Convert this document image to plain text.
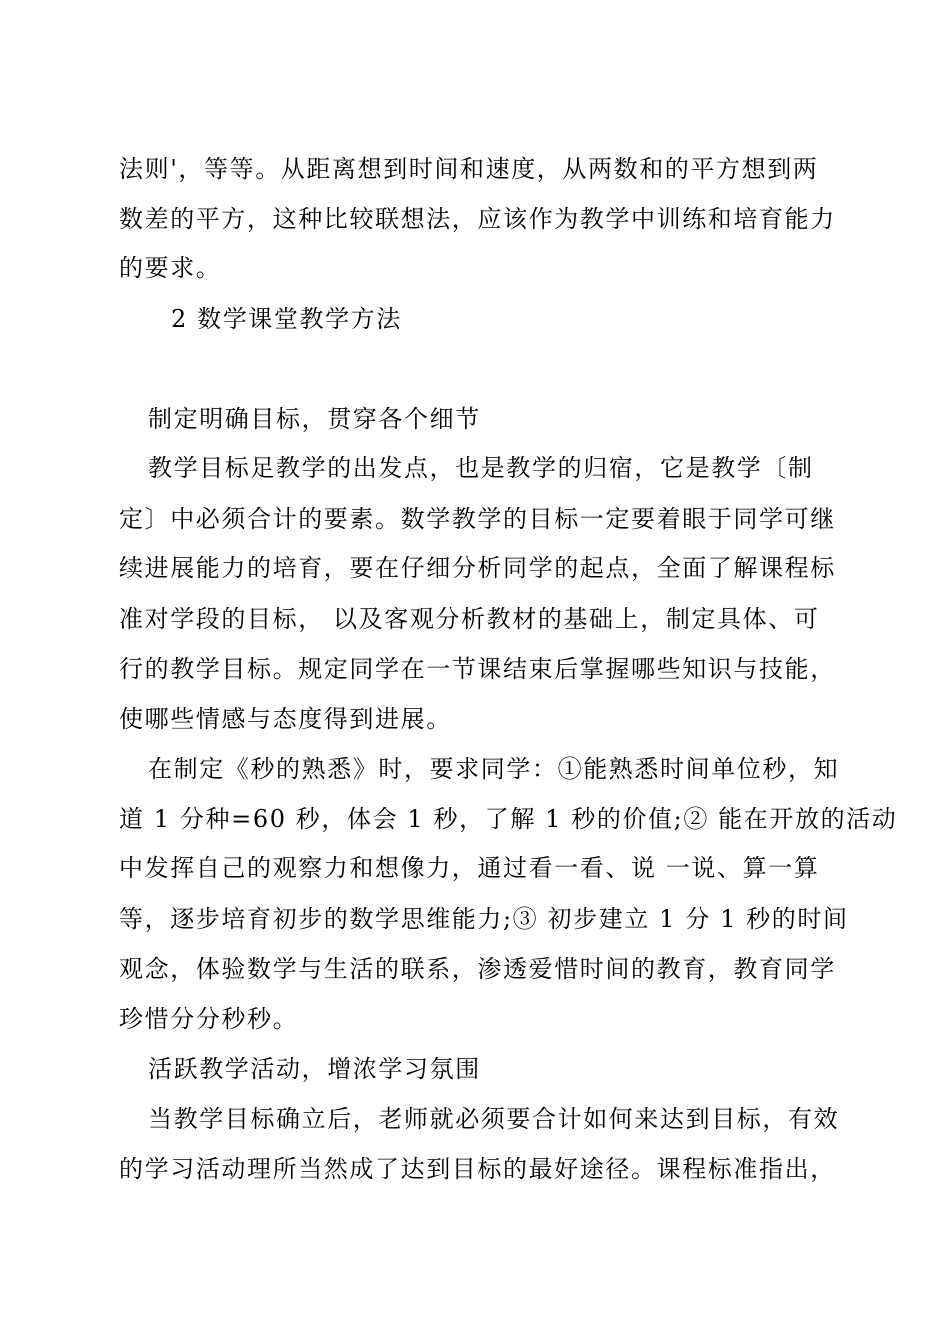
法则'，等等。从距离想到时间和速度，从两数和的平方想到两
数差的平方，这种比较联想法，应该作为教学中训练和培育能力
的要求。
2 数学课堂教学方法
制定明确目标，贯穿各个细节
教学目标足教学的出发点，也是教学的归宿，它是教学〔制
定〕中必须合计的要素。数学教学的目标一定要着眼于同学可继
续进展能力的培育，要在仔细分析同学的起点，全面了解课程标
准对学段的目标， 以及客观分析教材的基础上，制定具体、可
行的教学目标。规定同学在一节课结束后掌握哪些知识与技能，
使哪些情感与态度得到进展。
在制定《秒的熟悉》时，要求同学：①能熟悉时间单位秒，知
道 1 分种=60 秒，体会 1 秒，了解 1 秒的价值;② 能在开放的活动
中发挥自己的观察力和想像力，通过看一看、说 一说、算一算
等，逐步培育初步的数学思维能力;③ 初步建立 1 分 1 秒的时间
观念，体验数学与生活的联系，渗透爱惜时间的教育，教育同学
珍惜分分秒秒。
活跃教学活动，增浓学习氛围
当教学目标确立后，老师就必须要合计如何来达到目标，有效
的学习活动理所当然成了达到目标的最好途径。课程标准指出，
